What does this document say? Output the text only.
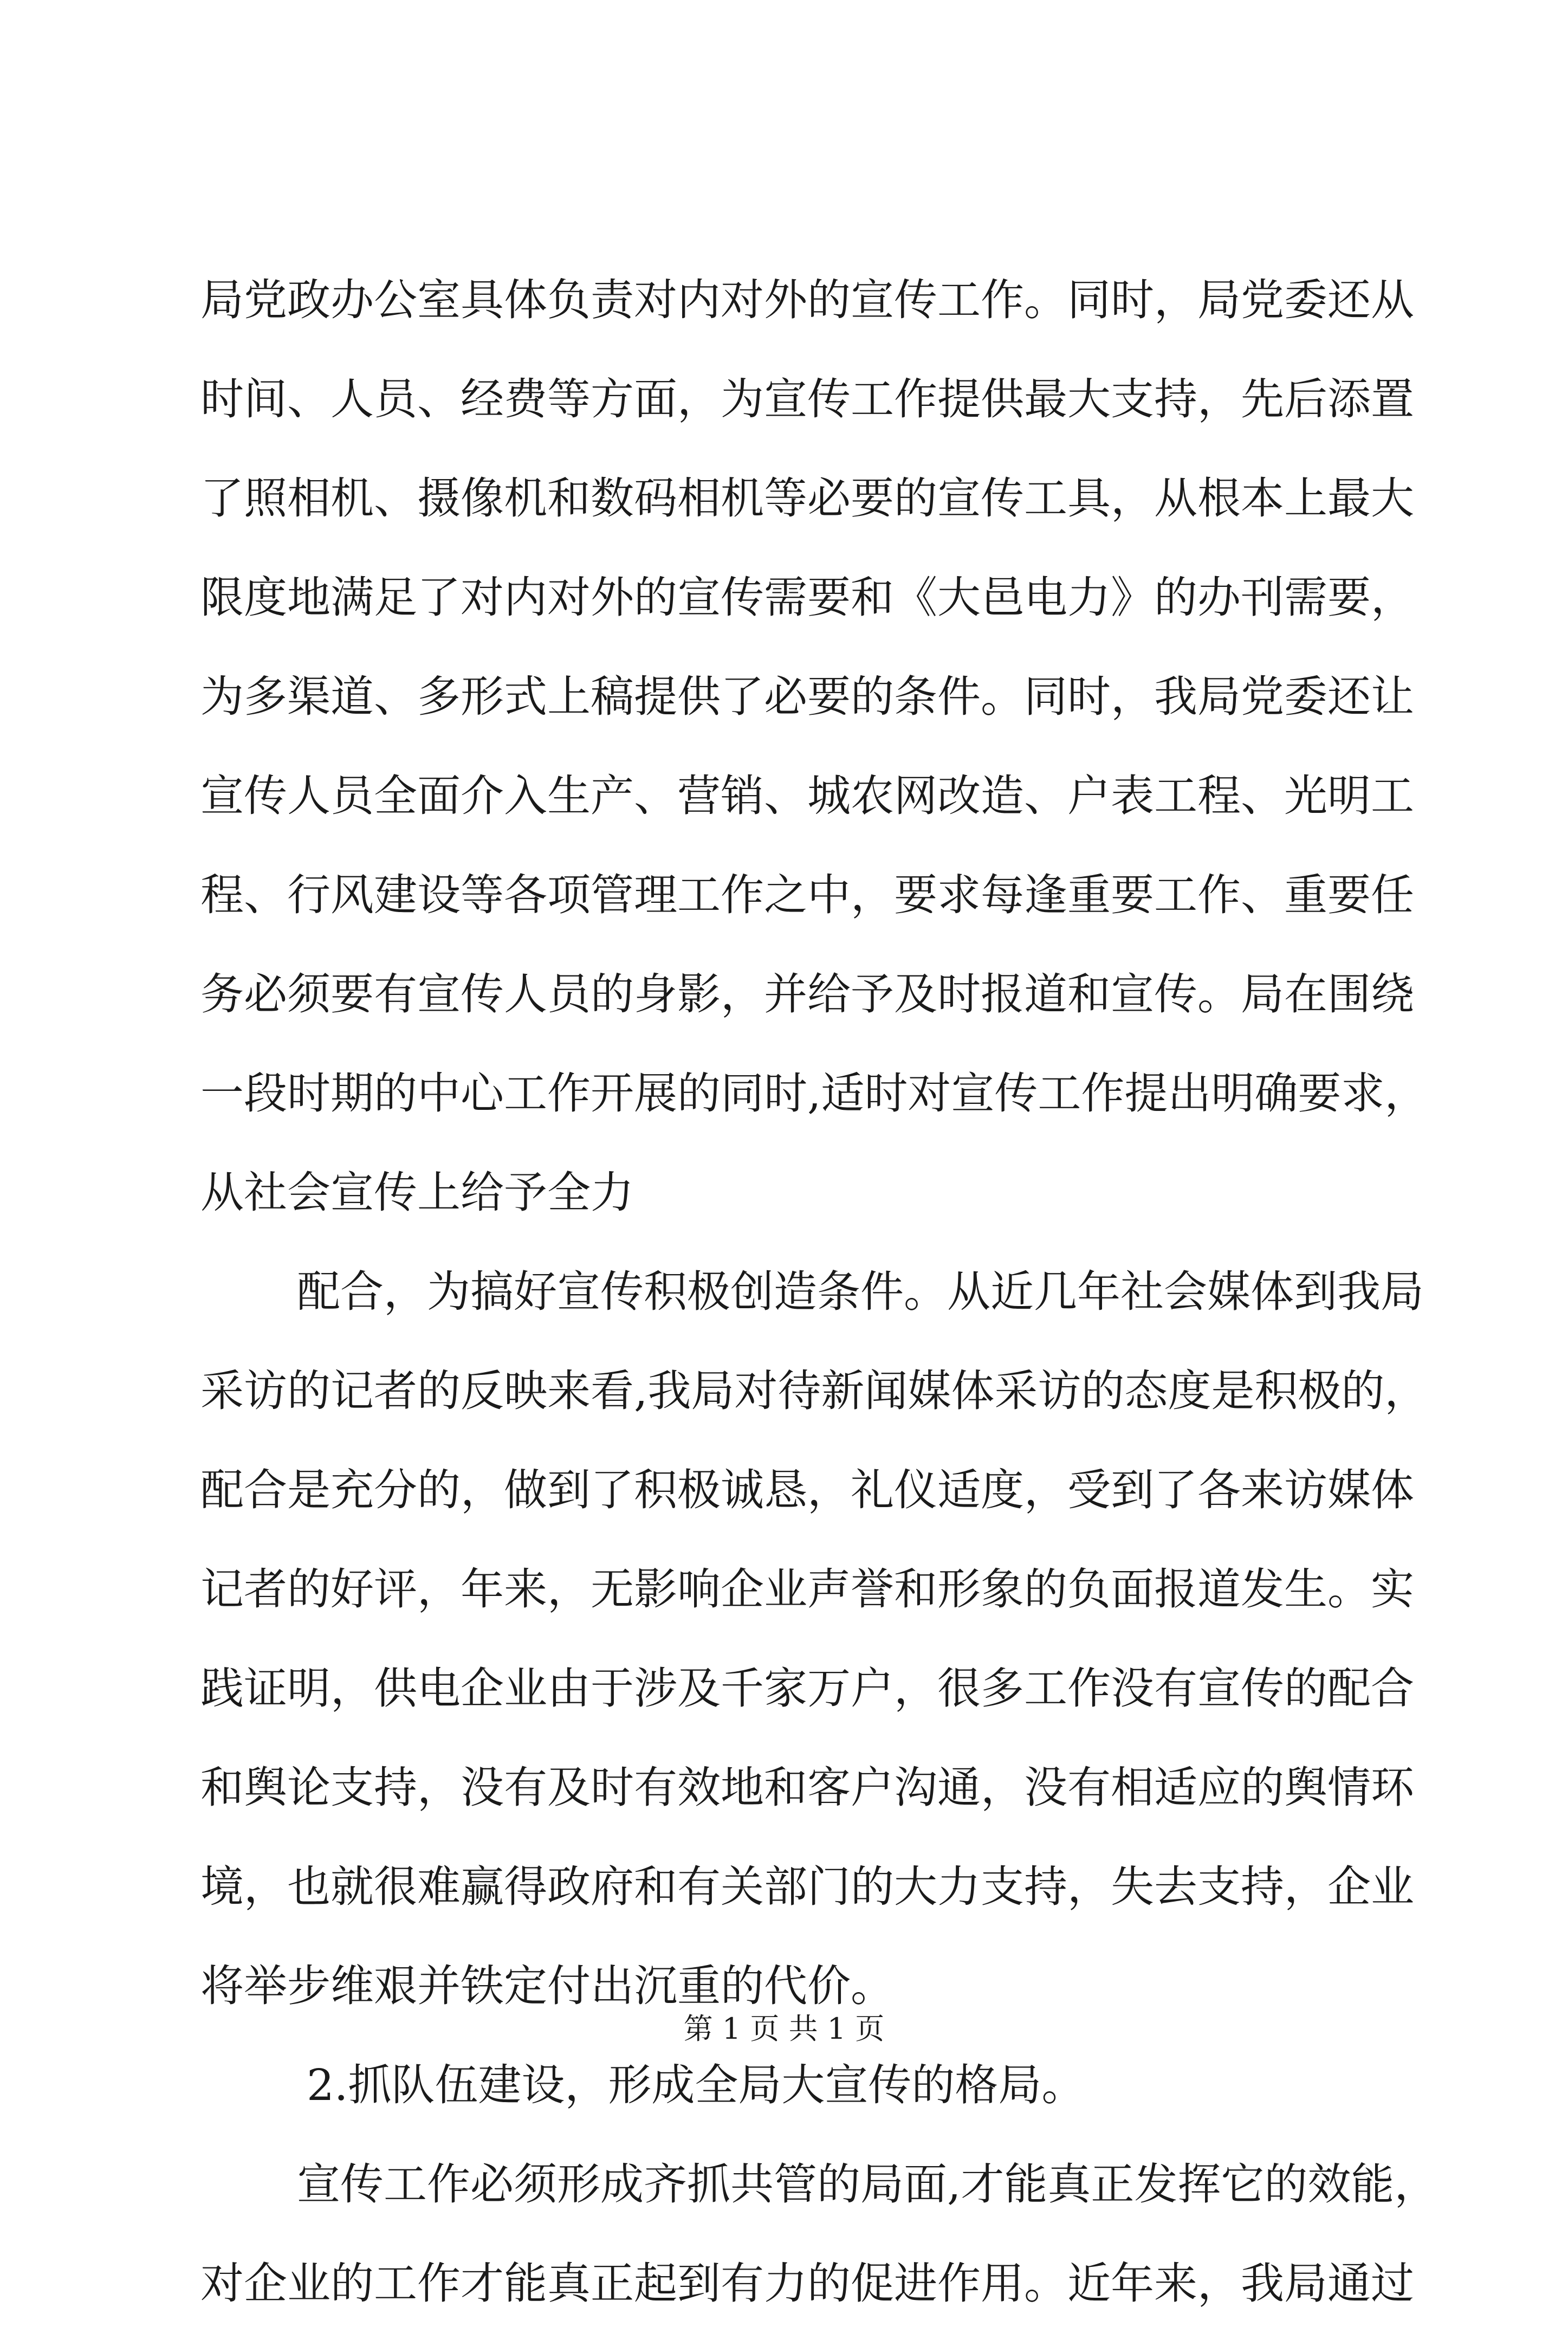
局党政办公室具体负责对内对外的宣传工作。同时，局党委还从
时间、人员、经费等方面，为宣传工作提供最大支持，先后添置
了照相机、摄像机和数码相机等必要的宣传工具，从根本上最大
限度地满足了对内对外的宣传需要和《大邑电力》的办刊需要，
为多渠道、多形式上稿提供了必要的条件。同时，我局党委还让
宣传人员全面介入生产、营销、城农网改造、户表工程、光明工
程、行风建设等各项管理工作之中，要求每逢重要工作、重要任
务必须要有宣传人员的身影，并给予及时报道和宣传。局在围绕
一段时期的中心工作开展的同时,适时对宣传工作提出明确要求，
从社会宣传上给予全力
配合，为搞好宣传积极创造条件。从近几年社会媒体到我局
采访的记者的反映来看,我局对待新闻媒体采访的态度是积极的，
配合是充分的，做到了积极诚恳，礼仪适度，受到了各来访媒体
记者的好评，年来，无影响企业声誉和形象的负面报道发生。实
践证明，供电企业由于涉及千家万户，很多工作没有宣传的配合
和舆论支持，没有及时有效地和客户沟通，没有相适应的舆情环
境，也就很难赢得政府和有关部门的大力支持，失去支持，企业
将举步维艰并铁定付出沉重的代价。
2.抓队伍建设，形成全局大宣传的格局。
宣传工作必须形成齐抓共管的局面,才能真正发挥它的效能，
对企业的工作才能真正起到有力的促进作用。近年来，我局通过
第 1 页 共 1 页
